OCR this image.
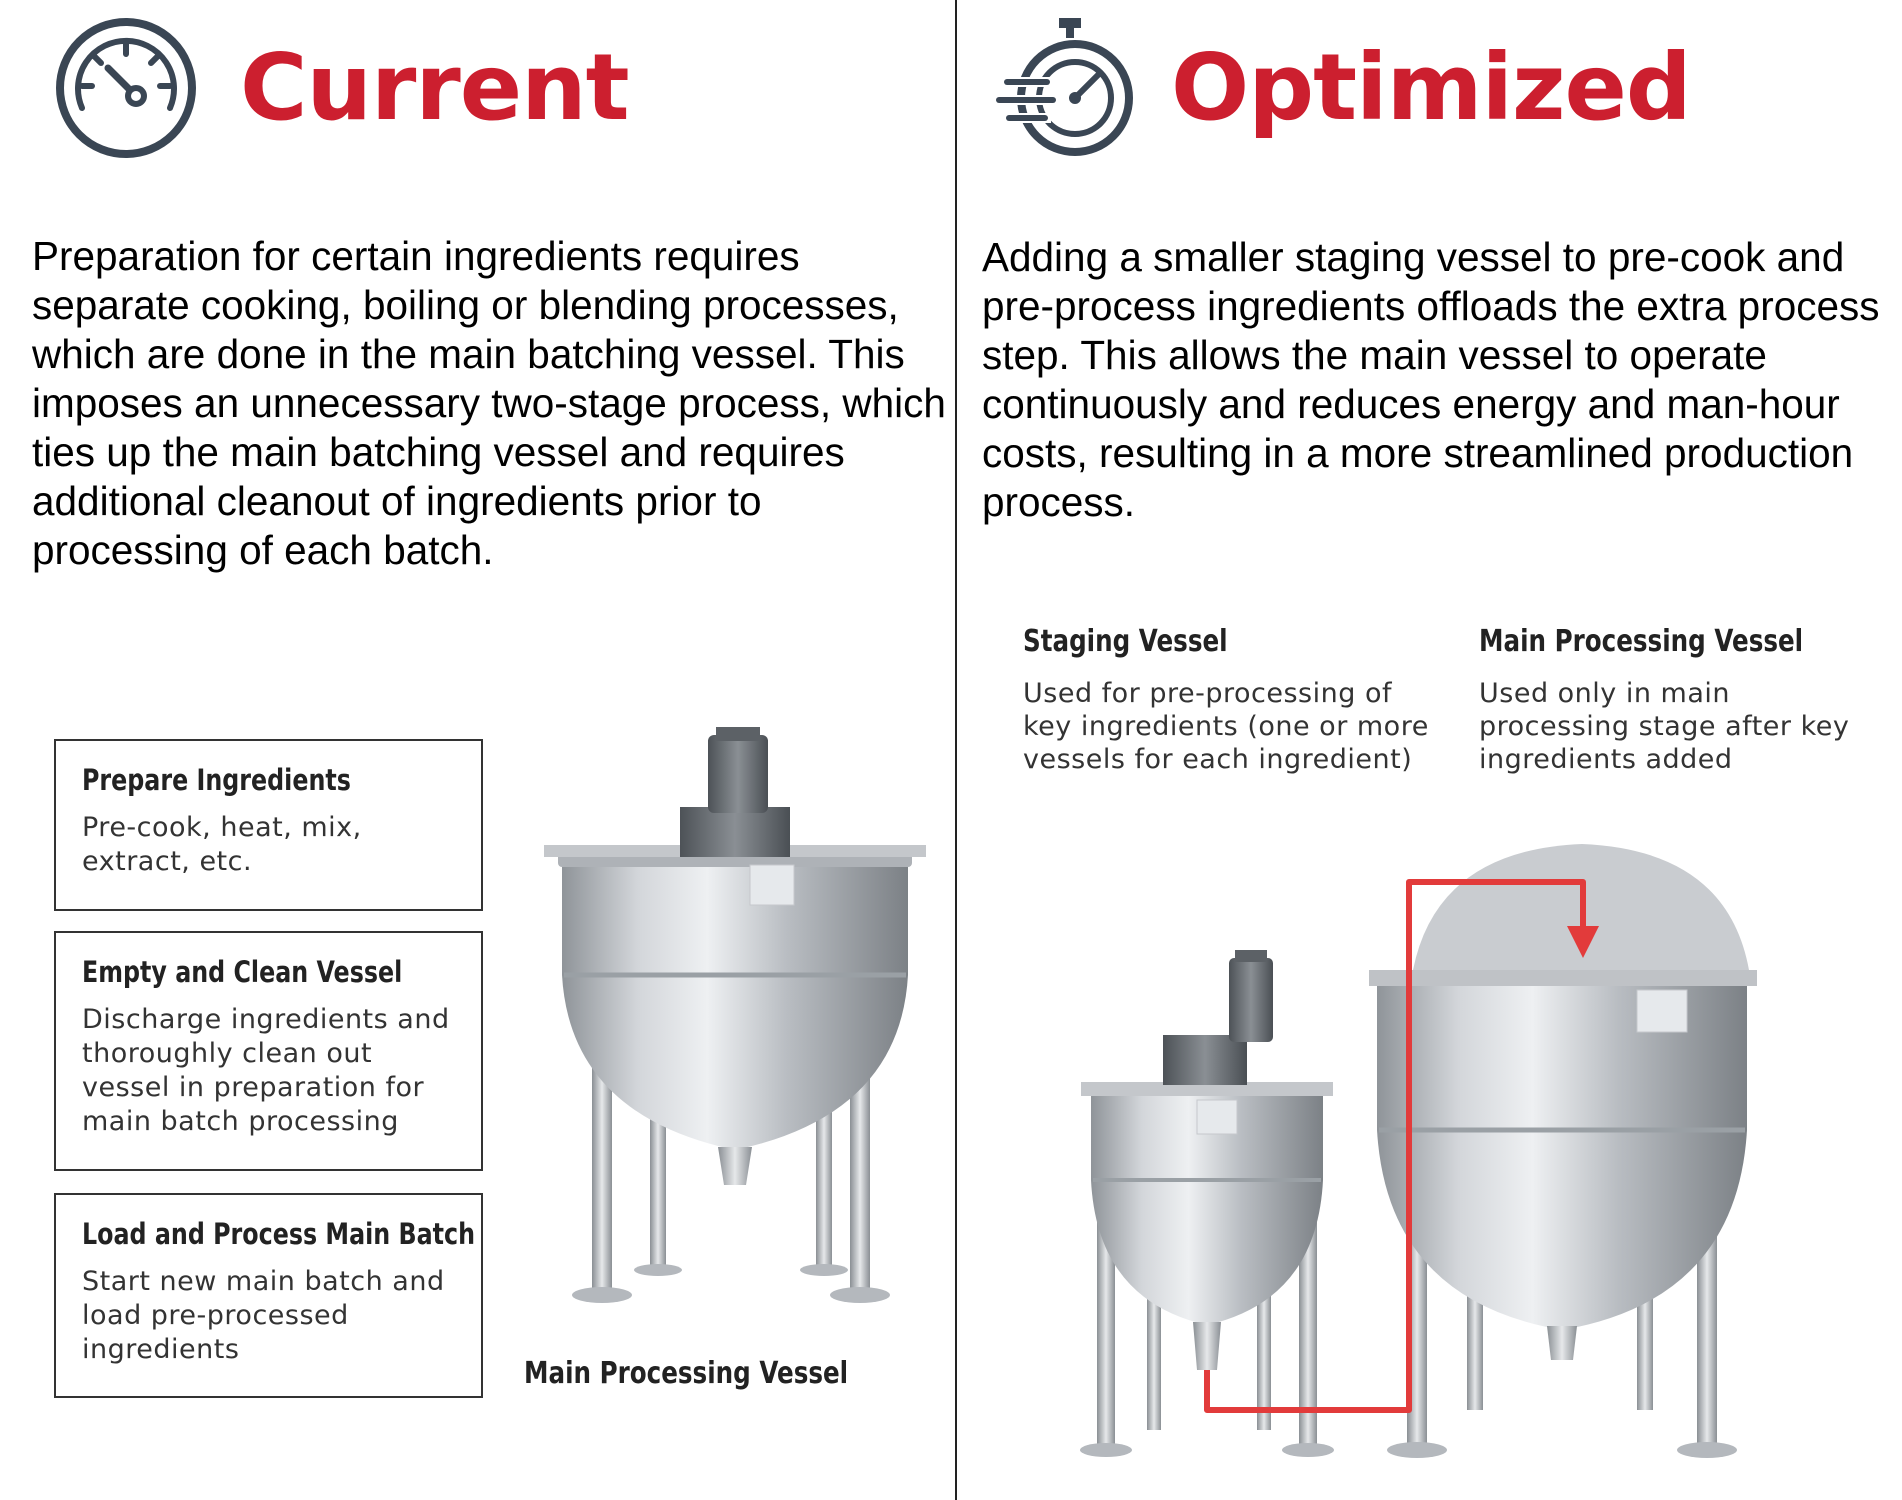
Current

Preparation for certain ingredients requires separate cooking, boiling or blending processes, which are done in the main batching vessel. This imposes an unnecessary two-stage process, which ties up the main batching vessel and requires additional cleanout of ingredients prior to processing of each batch.

Prepare Ingredients

Pre-cook, heat, mix, extract, etc.

Empty and Clean Vessel

Discharge ingredients and thoroughly clean out vessel in preparation for main batch processing

Load and Process Main Batch

Start new main batch and load pre-processed ingredients

Main Processing Vessel

Optimized

Adding a smaller staging vessel to pre-cook and pre-process ingredients offloads the extra process step. This allows the main vessel to operate continuously and reduces energy and man-hour costs, resulting in a more streamlined production process.

Staging Vessel

Used for pre-processing of key ingredients (one or more vessels for each ingredient)

Main Processing Vessel

Used only in main processing stage after key ingredients added
